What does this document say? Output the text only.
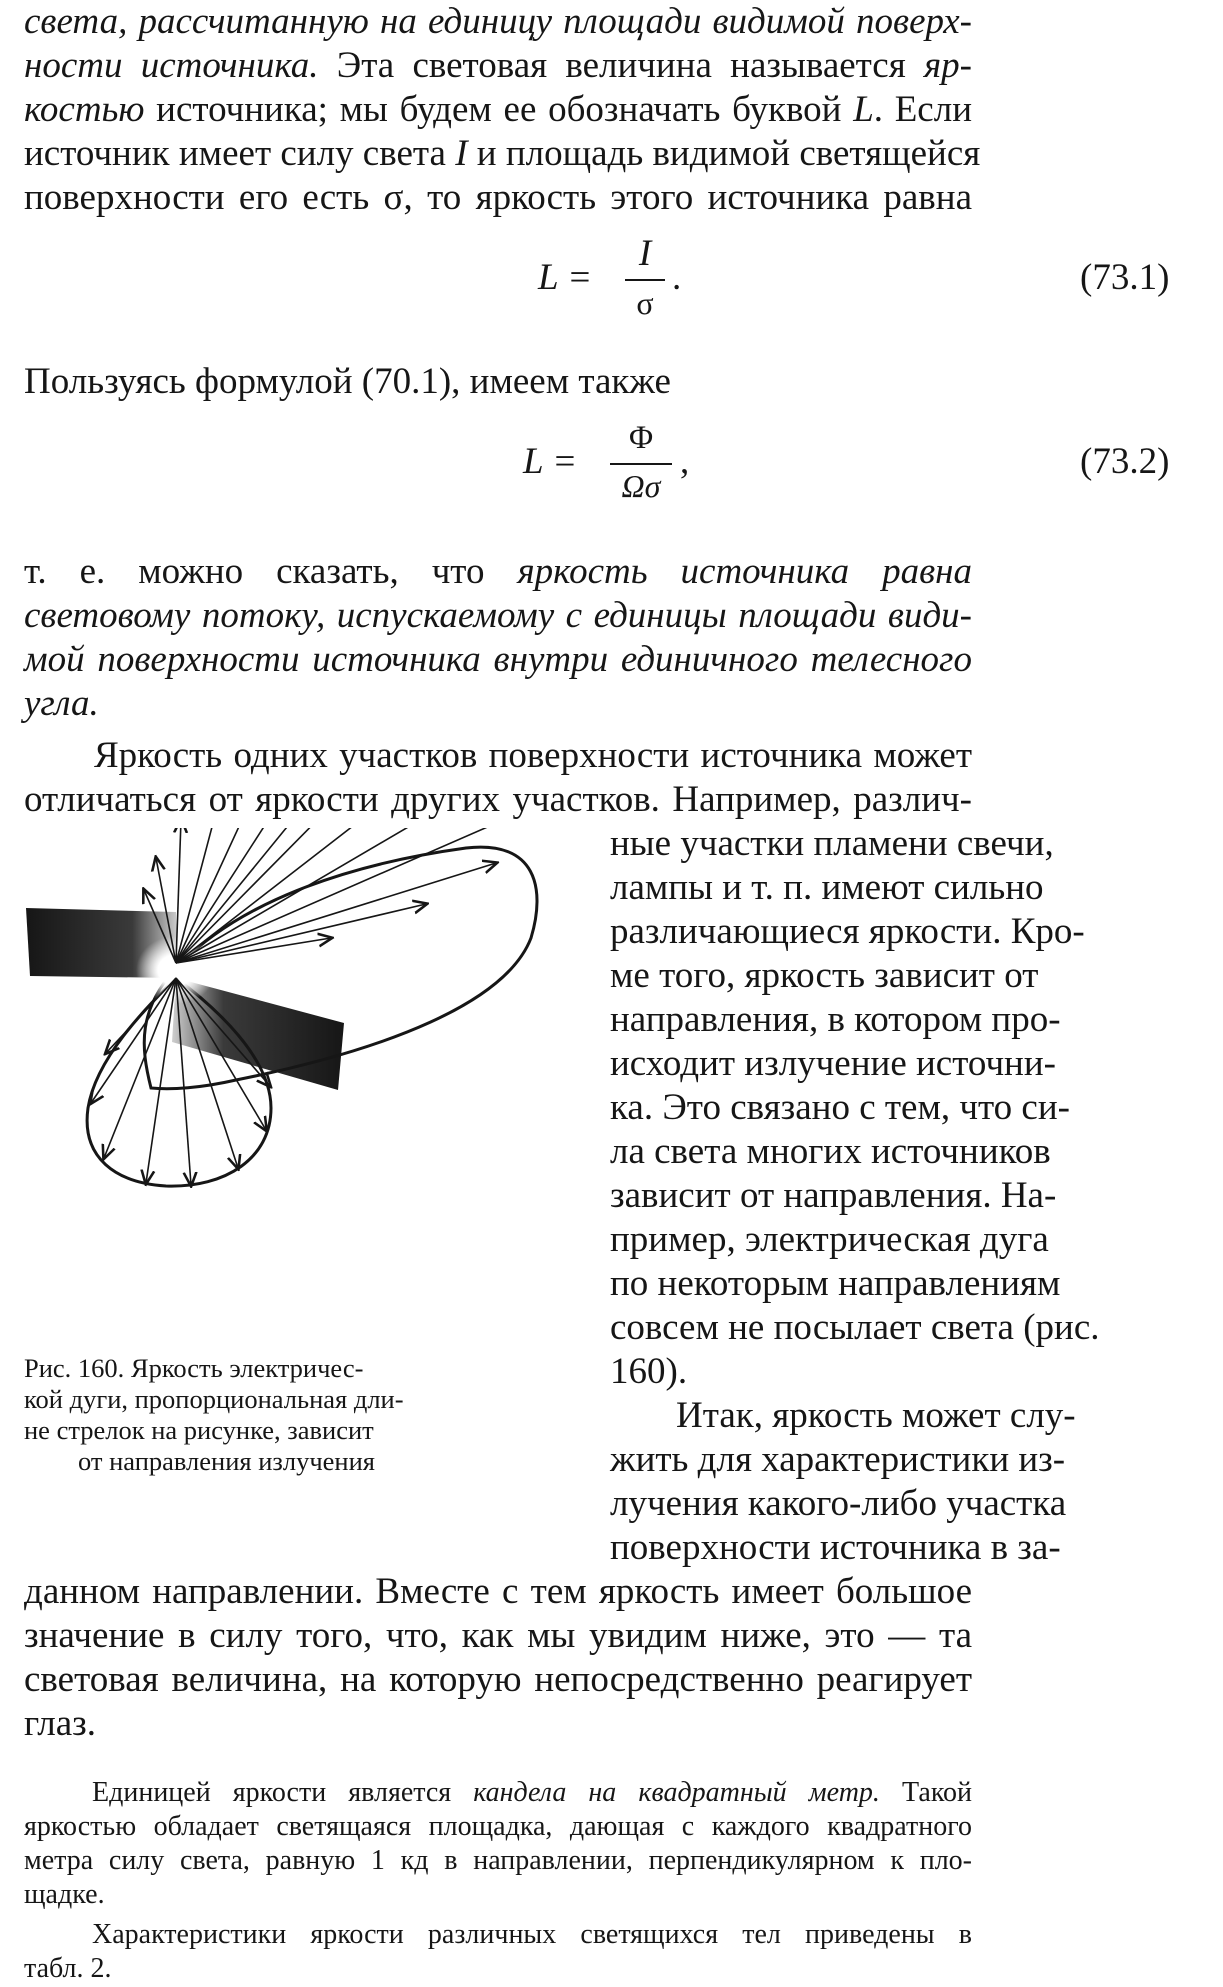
света, рассчитанную на единицу площади видимой поверх-
ности источника. Эта световая величина называется яр-
костью источника; мы будем ее обозначать буквой L. Если
источник имеет силу света I и площадь видимой светящейся
поверхности его есть σ, то яркость этого источника равна
L =
I
σ
.	(73.1)
Пользуясь формулой (70.1), имеем также
L =
Φ
Ωσ
,	(73.2)
т. е. можно сказать, что яркость источника равна
световому потоку, испускаемому с единицы площади види-
мой поверхности источника внутри единичного телесного
угла.
Яркость одних участков поверхности источника может
отличаться от яркости других участков. Например, различ-
ные участки пламени свечи,
лампы и т. п. имеют сильно
различающиеся яркости. Кро-
ме того, яркость зависит от
направления, в котором про-
исходит излучение источни-
ка. Это связано с тем, что си-
ла света многих источников
зависит от направления. На-
пример, электрическая дуга
по некоторым направлениям
совсем не посылает света (рис.
160).
Итак, яркость может слу-
жить для характеристики из-
лучения какого-либо участка
поверхности источника в за-
Рис. 160. Яркость электричес-
кой дуги, пропорциональная дли-
не стрелок на рисунке, зависит
от направления излучения
данном направлении. Вместе с тем яркость имеет большое
значение в силу того, что, как мы увидим ниже, это — та
световая величина, на которую непосредственно реагирует
глаз.
Единицей яркости является кандела на квадратный метр. Такой
яркостью обладает светящаяся площадка, дающая с каждого квадратного
метра силу света, равную 1 кд в направлении, перпендикулярном к пло-
щадке.
Характеристики яркости различных светящихся тел приведены в
табл. 2.
